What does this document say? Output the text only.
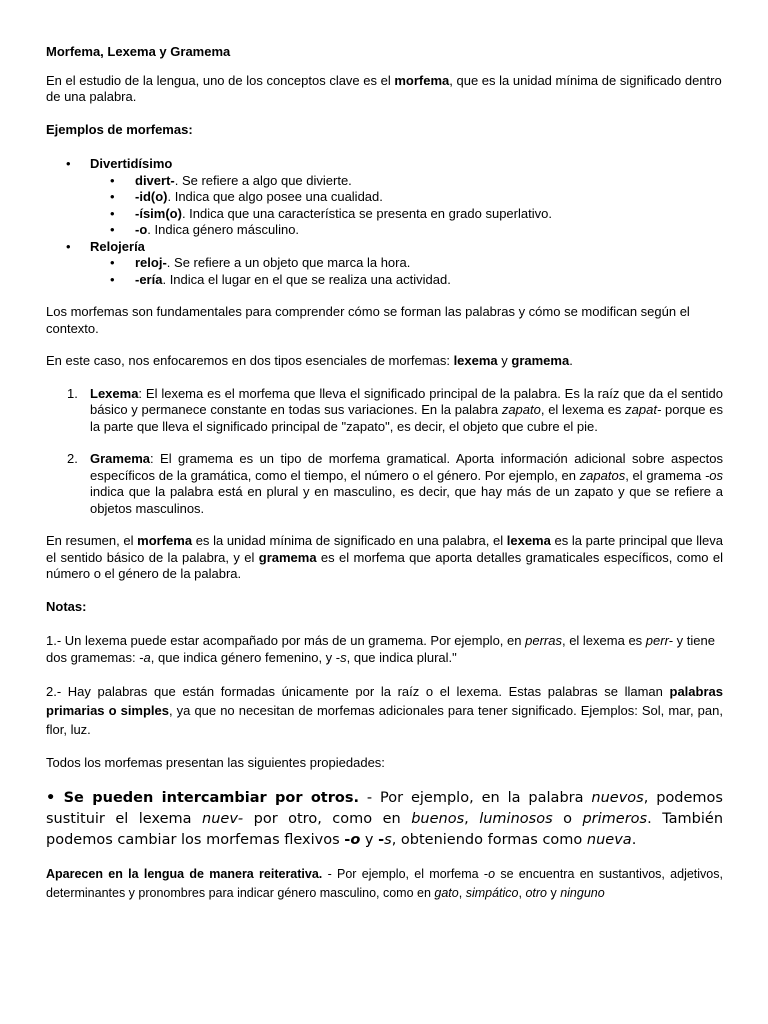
Morfema, Lexema y Gramema

En el estudio de la lengua, uno de los conceptos clave es el morfema, que es la unidad mínima de significado dentro de una palabra.

Ejemplos de morfemas:

• Divertidísimo
• divert-. Se refiere a algo que divierte.
• -id(o). Indica que algo posee una cualidad.
• -ísim(o). Indica que una característica se presenta en grado superlativo.
• -o. Indica género másculino.
• Relojería
• reloj-. Se refiere a un objeto que marca la hora.
• -ería. Indica el lugar en el que se realiza una actividad.

Los morfemas son fundamentales para comprender cómo se forman las palabras y cómo se modifican según el contexto.

En este caso, nos enfocaremos en dos tipos esenciales de morfemas: lexema y gramema.

1. Lexema: El lexema es el morfema que lleva el significado principal de la palabra. Es la raíz que da el sentido básico y permanece constante en todas sus variaciones. En la palabra zapato, el lexema es zapat- porque es la parte que lleva el significado principal de "zapato", es decir, el objeto que cubre el pie.
2. Gramema: El gramema es un tipo de morfema gramatical. Aporta información adicional sobre aspectos específicos de la gramática, como el tiempo, el número o el género. Por ejemplo, en zapatos, el gramema -os indica que la palabra está en plural y en masculino, es decir, que hay más de un zapato y que se refiere a objetos masculinos.

En resumen, el morfema es la unidad mínima de significado en una palabra, el lexema es la parte principal que lleva el sentido básico de la palabra, y el gramema es el morfema que aporta detalles gramaticales específicos, como el número o el género de la palabra.

Notas:

1.- Un lexema puede estar acompañado por más de un gramema. Por ejemplo, en perras, el lexema es perr- y tiene dos gramemas: -a, que indica género femenino, y -s, que indica plural."

2.- Hay palabras que están formadas únicamente por la raíz o el lexema. Estas palabras se llaman palabras primarias o simples, ya que no necesitan de morfemas adicionales para tener significado. Ejemplos: Sol, mar, pan, flor, luz.

Todos los morfemas presentan las siguientes propiedades:

• Se pueden intercambiar por otros. - Por ejemplo, en la palabra nuevos, podemos sustituir el lexema nuev- por otro, como en buenos, luminosos o primeros. También podemos cambiar los morfemas flexivos -o y -s, obteniendo formas como nueva.

Aparecen en la lengua de manera reiterativa. - Por ejemplo, el morfema -o se encuentra en sustantivos, adjetivos, determinantes y pronombres para indicar género masculino, como en gato, simpático, otro y ninguno
